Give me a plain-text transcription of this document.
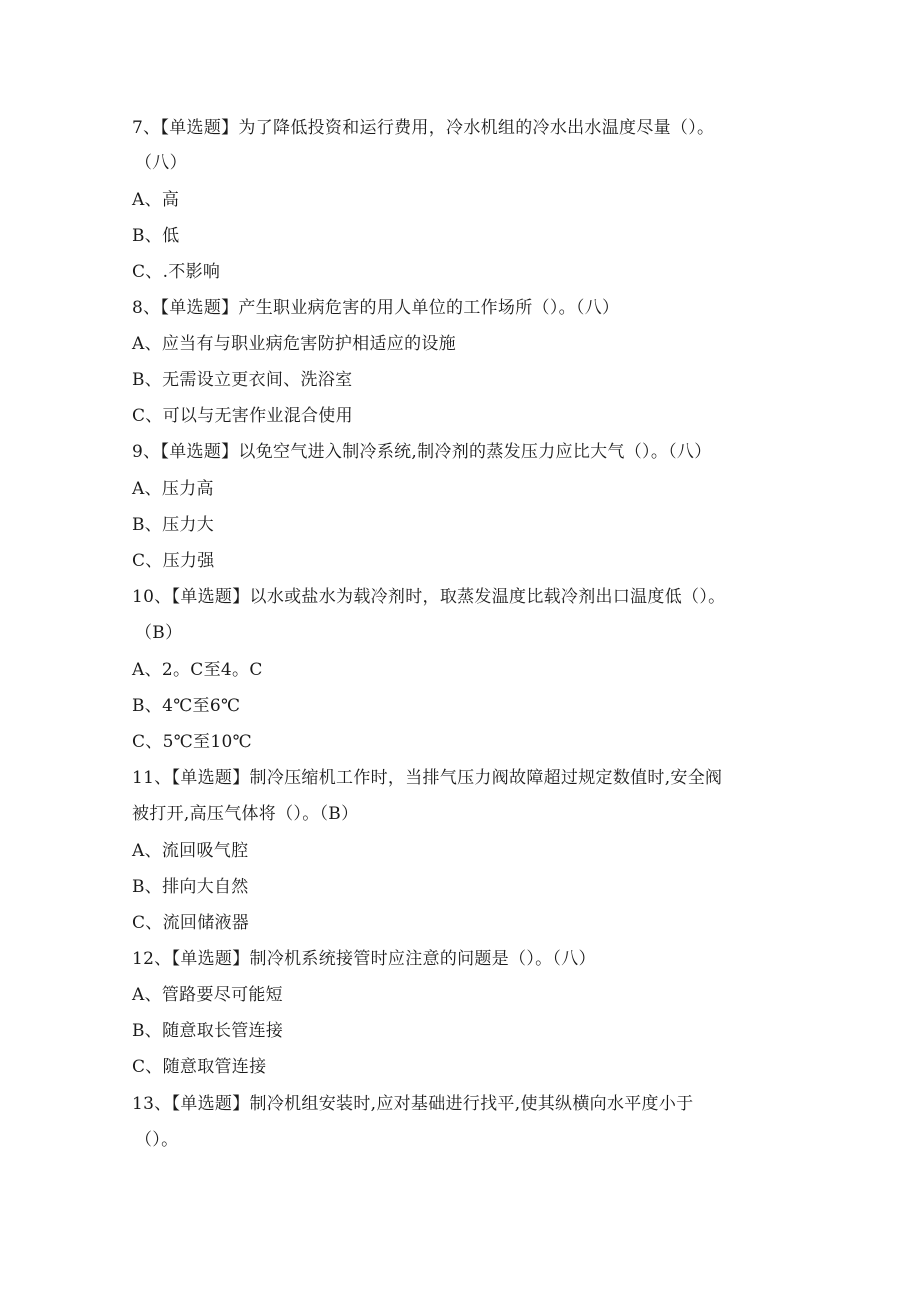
7、【单选题】为了降低投资和运行费用，冷水机组的冷水出水温度尽量（）。
（八）
A、高
B、低
C、.不影响
8、【单选题】产生职业病危害的用人单位的工作场所（）。（八）
A、应当有与职业病危害防护相适应的设施
B、无需设立更衣间、洗浴室
C、可以与无害作业混合使用
9、【单选题】以免空气进入制冷系统,制冷剂的蒸发压力应比大气（）。（八）
A、压力高
B、压力大
C、压力强
10、【单选题】以水或盐水为载冷剂时，取蒸发温度比载冷剂出口温度低（）。
（B）
A、2。C至4。C
B、4℃至6℃
C、5℃至10℃
11、【单选题】制冷压缩机工作时，当排气压力阀故障超过规定数值时,安全阀
被打开,高压气体将（）。（B）
A、流回吸气腔
B、排向大自然
C、流回储液器
12、【单选题】制冷机系统接管时应注意的问题是（）。（八）
A、管路要尽可能短
B、随意取长管连接
C、随意取管连接
13、【单选题】制冷机组安装时,应对基础进行找平,使其纵横向水平度小于
（）。
